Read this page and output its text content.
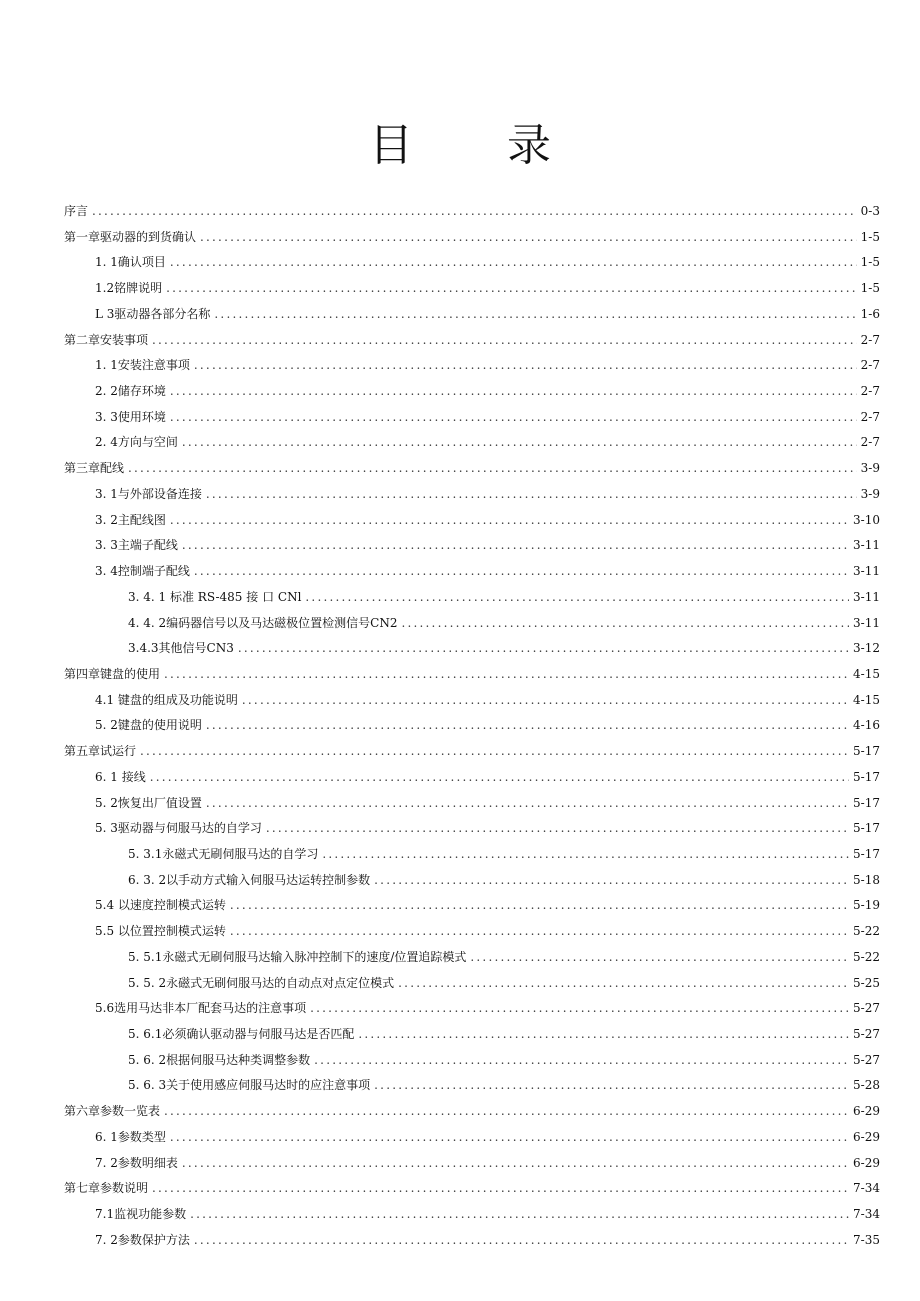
目 录
序言 .....	0-3
第一章驱动器的到货确认 .....	1-5
1. 1确认项目 .....	1-5
1.2铭牌说明 .....	1-5
L 3驱动器各部分名称 .....	1-6
第二章安装事项 .....	2-7
1. 1安装注意事项 .....	2-7
2. 2储存环境 .....	2-7
3. 3使用环境 .....	2-7
2. 4方向与空间 .....	2-7
第三章配线 .....	3-9
3. 1与外部设备连接 .....	3-9
3. 2主配线图 .....	3-10
3. 3主端子配线 .....	3-11
3. 4控制端子配线 .....	3-11
3. 4. 1 标准 RS-485 接 口 CNl .....	3-11
4. 4. 2编码器信号以及马达磁极位置检测信号CN2 .....	3-11
3.4.3其他信号CN3 .....	3-12
第四章键盘的使用 .....	4-15
4.1 键盘的组成及功能说明 .....	4-15
5. 2键盘的使用说明 .....	4-16
第五章试运行 .....	5-17
6. 1 接线 .....	5-17
5. 2恢复出厂值设置 .....	5-17
5. 3驱动器与伺服马达的自学习 .....	5-17
5. 3.1永磁式无刷伺服马达的自学习 .....	5-17
6. 3. 2以手动方式输入伺服马达运转控制参数 .....	5-18
5.4 以速度控制模式运转 .....	5-19
5.5 以位置控制模式运转 .....	5-22
5. 5.1永磁式无刷伺服马达输入脉冲控制下的速度/位置追踪模式 .....	5-22
5. 5. 2永磁式无刷伺服马达的自动点对点定位模式 .....	5-25
5.6选用马达非本厂配套马达的注意事项 .....	5-27
5. 6.1必须确认驱动器与伺服马达是否匹配 .....	5-27
5. 6. 2根据伺服马达种类调整参数 .....	5-27
5. 6. 3关于使用感应伺服马达时的应注意事项 .....	5-28
第六章参数一览表 .....	6-29
6. 1参数类型 .....	6-29
7. 2参数明细表 .....	6-29
第七章参数说明 .....	7-34
7.1监视功能参数 .....	7-34
7. 2参数保护方法 .....	7-35
